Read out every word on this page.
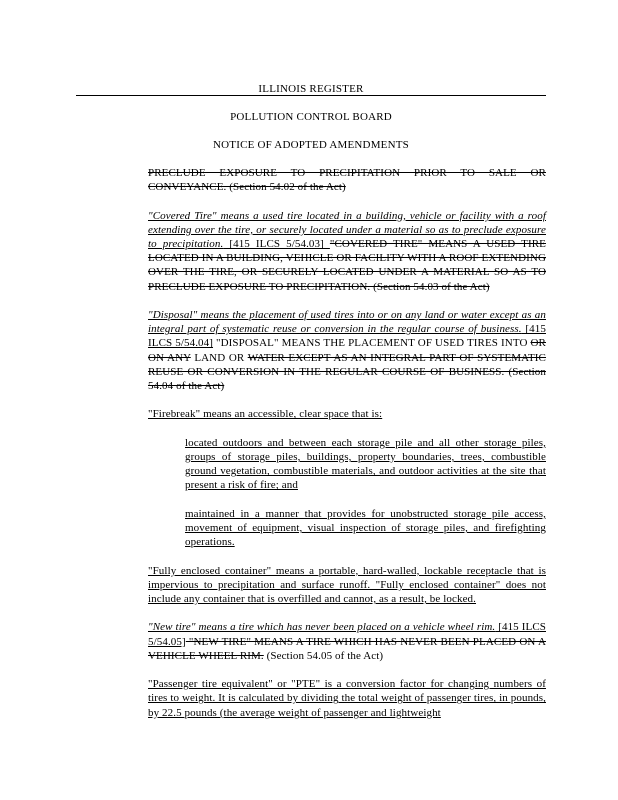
ILLINOIS REGISTER
POLLUTION CONTROL BOARD
NOTICE OF ADOPTED AMENDMENTS

PRECLUDE EXPOSURE TO PRECIPITATION PRIOR TO SALE OR CONVEYANCE. (Section 54.02 of the Act)

"Covered Tire" means a used tire located in a building, vehicle or facility with a roof extending over the tire, or securely located under a material so as to preclude exposure to precipitation. [415 ILCS 5/54.03] "COVERED TIRE" MEANS A USED TIRE LOCATED IN A BUILDING, VEHICLE OR FACILITY WITH A ROOF EXTENDING OVER THE TIRE, OR SECURELY LOCATED UNDER A MATERIAL SO AS TO PRECLUDE EXPOSURE TO PRECIPITATION. (Section 54.03 of the Act)

"Disposal" means the placement of used tires into or on any land or water except as an integral part of systematic reuse or conversion in the regular course of business. [415 ILCS 5/54.04] "DISPOSAL" MEANS THE PLACEMENT OF USED TIRES INTO OR ON ANY LAND OR WATER EXCEPT AS AN INTEGRAL PART OF SYSTEMATIC REUSE OR CONVERSION IN THE REGULAR COURSE OF BUSINESS. (Section 54.04 of the Act)

"Firebreak" means an accessible, clear space that is:

located outdoors and between each storage pile and all other storage piles, groups of storage piles, buildings, property boundaries, trees, combustible ground vegetation, combustible materials, and outdoor activities at the site that present a risk of fire; and

maintained in a manner that provides for unobstructed storage pile access, movement of equipment, visual inspection of storage piles, and firefighting operations.

"Fully enclosed container" means a portable, hard-walled, lockable receptacle that is impervious to precipitation and surface runoff. "Fully enclosed container" does not include any container that is overfilled and cannot, as a result, be locked.

"New tire" means a tire which has never been placed on a vehicle wheel rim. [415 ILCS 5/54.05] "NEW TIRE" MEANS A TIRE WHICH HAS NEVER BEEN PLACED ON A VEHICLE WHEEL RIM. (Section 54.05 of the Act)

"Passenger tire equivalent" or "PTE" is a conversion factor for changing numbers of tires to weight. It is calculated by dividing the total weight of passenger tires, in pounds, by 22.5 pounds (the average weight of passenger and lightweight
